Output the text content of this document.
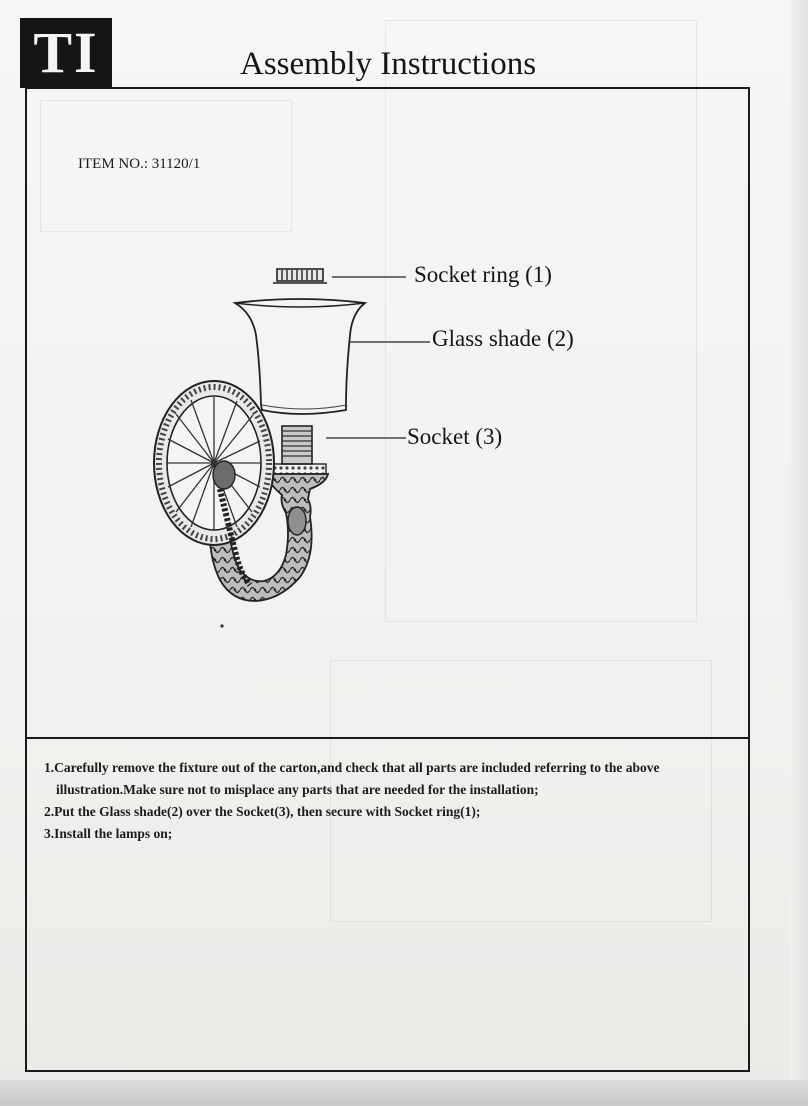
TI	Assembly Instructions
ITEM NO.: 31120/1
Socket ring (1)
Glass shade (2)
Socket (3)

1.Carefully remove the fixture out of the carton,and check that all parts are included referring to the above

illustration.Make sure not to misplace any parts that are needed for the installation;

2.Put the Glass shade(2) over the Socket(3), then secure with Socket ring(1);

3.Install the lamps on;
